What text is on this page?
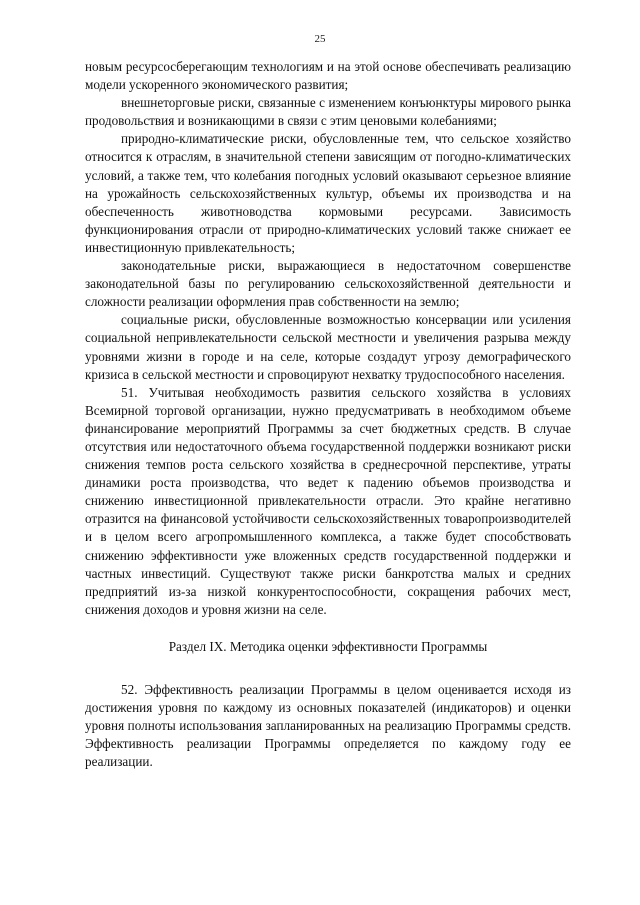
25

новым ресурсосберегающим технологиям и на этой основе обеспечивать реализацию модели ускоренного экономического развития;

внешнеторговые риски, связанные с изменением конъюнктуры мирового рынка продовольствия и возникающими в связи с этим ценовыми колебаниями;

природно-климатические риски, обусловленные тем, что сельское хозяйство относится к отраслям, в значительной степени зависящим от погодно-климатических условий, а также тем, что колебания погодных условий оказывают серьезное влияние на урожайность сельскохозяйственных культур, объемы их производства и на обеспеченность животноводства кормовыми ресурсами. Зависимость функционирования отрасли от природно-климатических условий также снижает ее инвестиционную привлекательность;

законодательные риски, выражающиеся в недостаточном совершенстве законодательной базы по регулированию сельскохозяйственной деятельности и сложности реализации оформления прав собственности на землю;

социальные риски, обусловленные возможностью консервации или усиления социальной непривлекательности сельской местности и увеличения разрыва между уровнями жизни в городе и на селе, которые создадут угрозу демографического кризиса в сельской местности и спровоцируют нехватку трудоспособного населения.

51. Учитывая необходимость развития сельского хозяйства в условиях Всемирной торговой организации, нужно предусматривать в необходимом объеме финансирование мероприятий Программы за счет бюджетных средств. В случае отсутствия или недостаточного объема государственной поддержки возникают риски снижения темпов роста сельского хозяйства в среднесрочной перспективе, утраты динамики роста производства, что ведет к падению объемов производства и снижению инвестиционной привлекательности отрасли. Это крайне негативно отразится на финансовой устойчивости сельскохозяйственных товаропроизводителей и в целом всего агропромышленного комплекса, а также будет способствовать снижению эффективности уже вложенных средств государственной поддержки и частных инвестиций. Существуют также риски банкротства малых и средних предприятий из-за низкой конкурентоспособности, сокращения рабочих мест, снижения доходов и уровня жизни на селе.

Раздел IX. Методика оценки эффективности Программы

52. Эффективность реализации Программы в целом оценивается исходя из достижения уровня по каждому из основных показателей (индикаторов) и оценки уровня полноты использования запланированных на реализацию Программы средств. Эффективность реализации Программы определяется по каждому году ее реализации.
